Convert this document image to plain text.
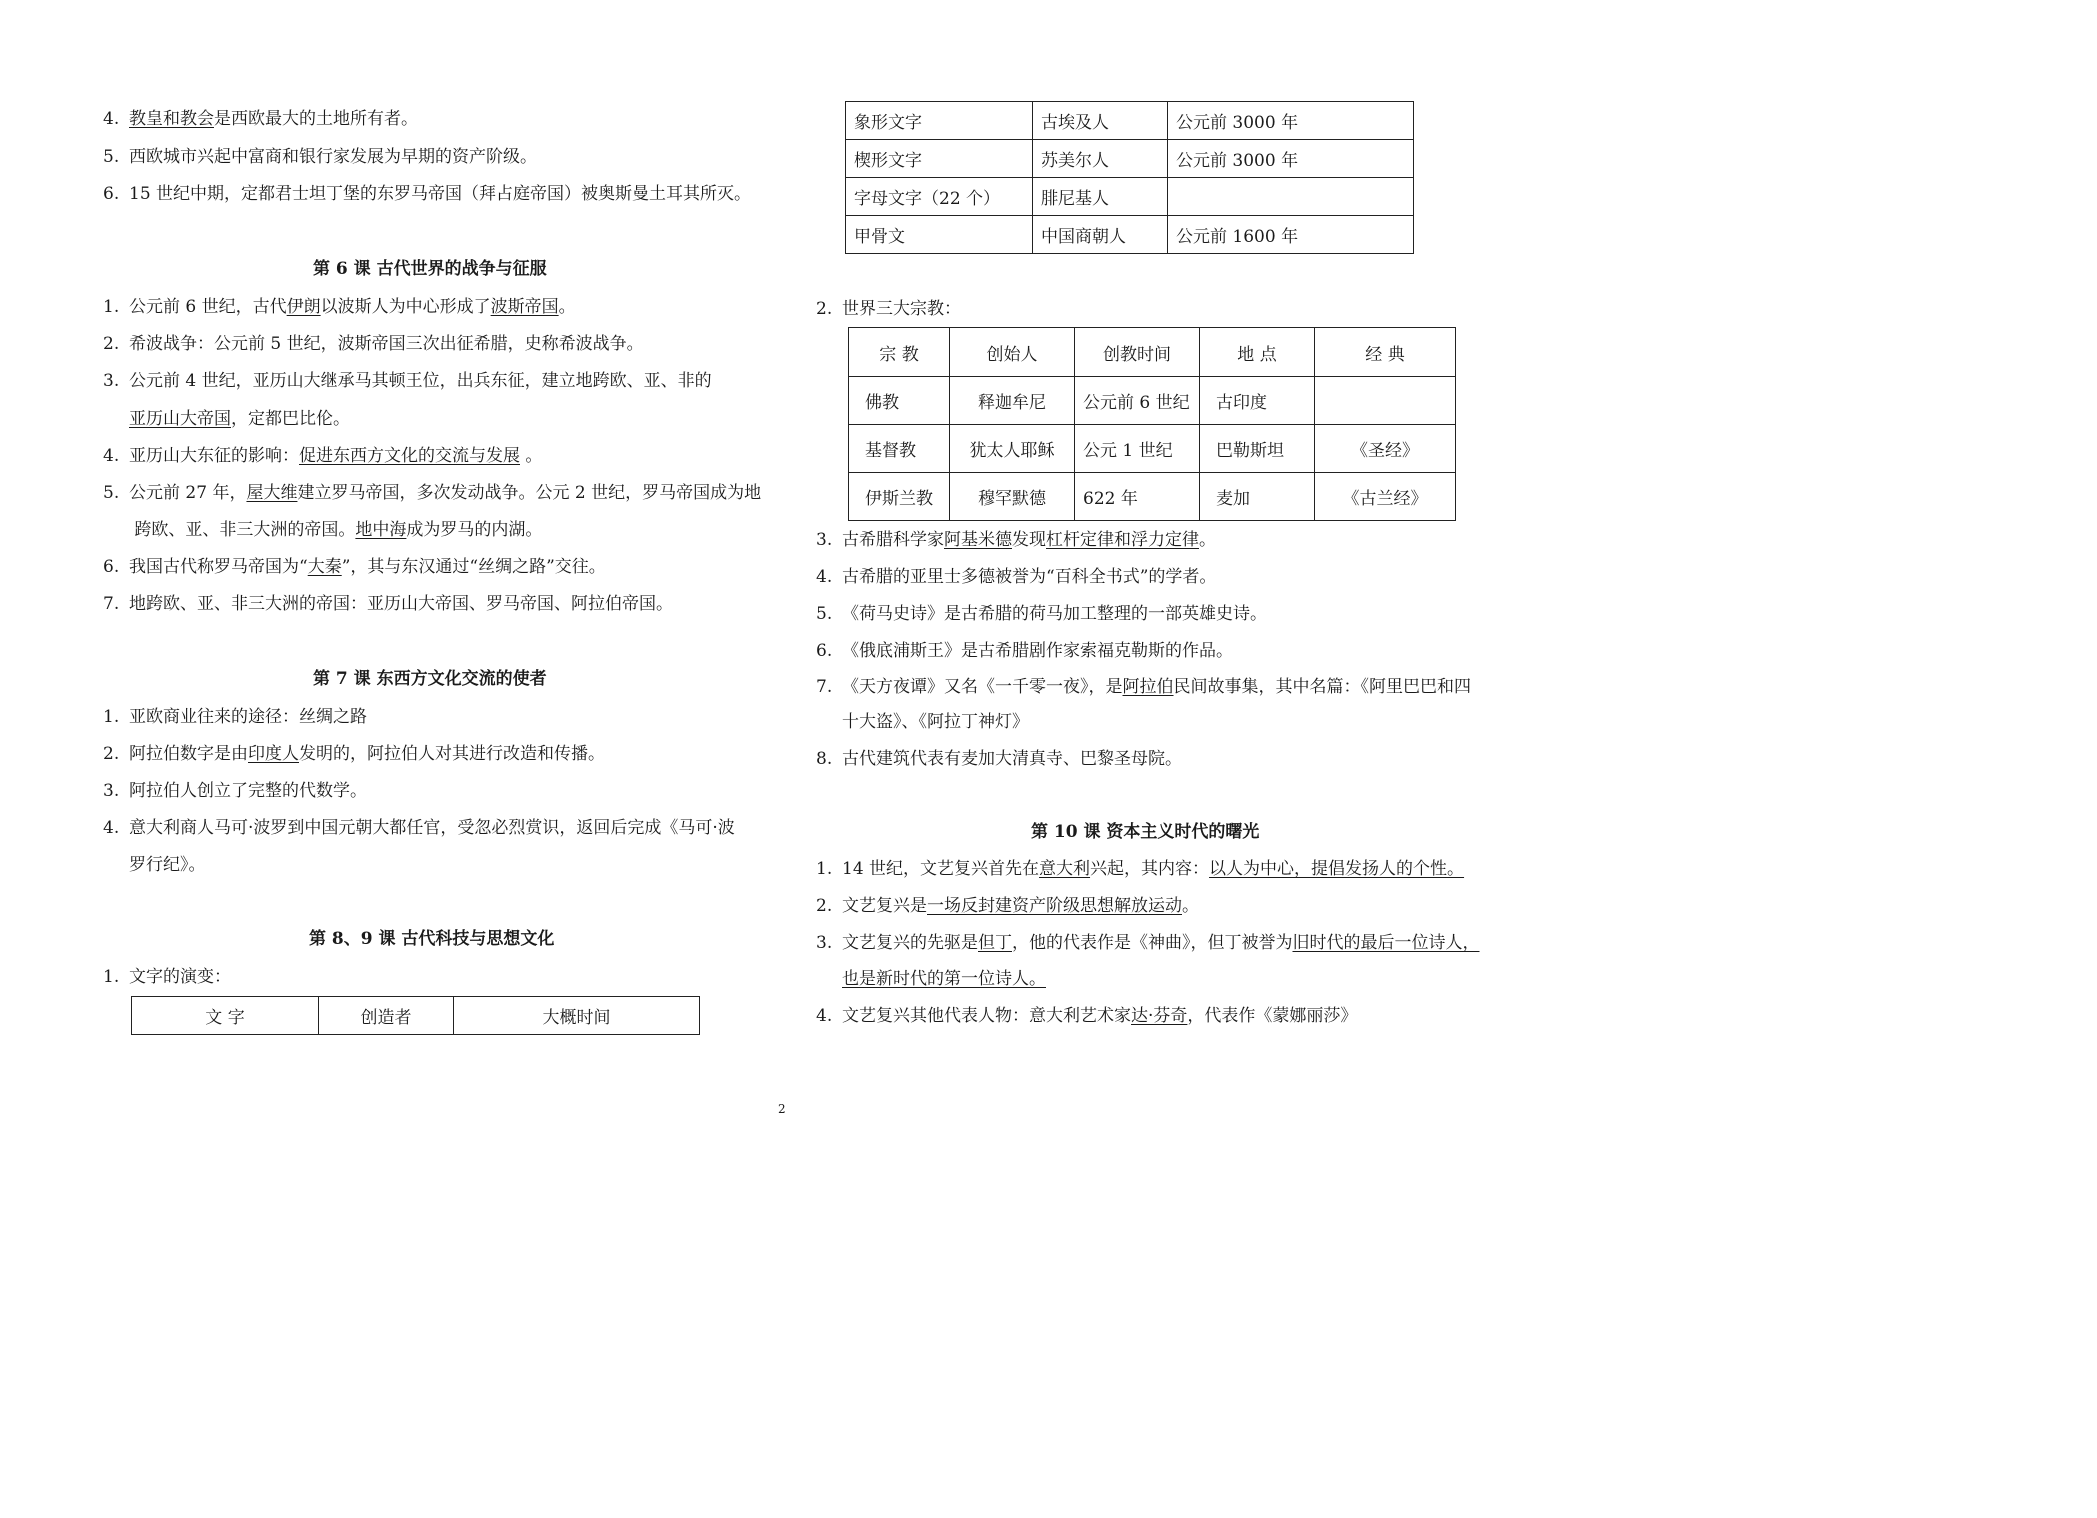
第 6 课 古代世界的战争与征服
第 7 课 东西方文化交流的使者
第 8、9 课 古代科技与思想文化
文 字	创造者	大概时间
象形文字	古埃及人	公元前 3000 年
楔形文字	苏美尔人	公元前 3000 年
字母文字（22 个）	腓尼基人	
甲骨文	中国商朝人	公元前 1600 年
宗 教	创始人	创教时间	地 点	经 典
佛教	释迦牟尼	公元前 6 世纪	古印度	
基督教	犹太人耶稣	公元 1 世纪	巴勒斯坦	《圣经》
伊斯兰教	穆罕默德	622 年	麦加	《古兰经》
第 10 课 资本主义时代的曙光
2
4. 教皇和教会是西欧最大的土地所有者。
5. 西欧城市兴起中富商和银行家发展为早期的资产阶级。
6. 15 世纪中期，定都君士坦丁堡的东罗马帝国（拜占庭帝国）被奥斯曼土耳其所灭。
1. 公元前 6 世纪，古代伊朗以波斯人为中心形成了波斯帝国。
2. 希波战争：公元前 5 世纪，波斯帝国三次出征希腊，史称希波战争。
3. 公元前 4 世纪，亚历山大继承马其顿王位，出兵东征，建立地跨欧、亚、非的
亚历山大帝国，定都巴比伦。
4. 亚历山大东征的影响：促进东西方文化的交流与发展 。
5. 公元前 27 年，屋大维建立罗马帝国，多次发动战争。公元 2 世纪，罗马帝国成为地
跨欧、亚、非三大洲的帝国。地中海成为罗马的内湖。
6. 我国古代称罗马帝国为“大秦”，其与东汉通过“丝绸之路”交往。
7. 地跨欧、亚、非三大洲的帝国：亚历山大帝国、罗马帝国、阿拉伯帝国。
1. 亚欧商业往来的途径：丝绸之路
2. 阿拉伯数字是由印度人发明的，阿拉伯人对其进行改造和传播。
3. 阿拉伯人创立了完整的代数学。
4. 意大利商人马可·波罗到中国元朝大都任官，受忽必烈赏识，返回后完成《马可·波
罗行纪》。
1. 文字的演变：
3. 古希腊科学家阿基米德发现杠杆定律和浮力定律。
4. 古希腊的亚里士多德被誉为“百科全书式”的学者。
5. 《荷马史诗》是古希腊的荷马加工整理的一部英雄史诗。
6. 《俄底浦斯王》是古希腊剧作家索福克勒斯的作品。
7. 《天方夜谭》又名《一千零一夜》，是阿拉伯民间故事集，其中名篇：《阿里巴巴和四
十大盗》、《阿拉丁神灯》
8. 古代建筑代表有麦加大清真寺、巴黎圣母院。
1. 14 世纪，文艺复兴首先在意大利兴起，其内容：以人为中心，提倡发扬人的个性。
2. 文艺复兴是一场反封建资产阶级思想解放运动。
3. 文艺复兴的先驱是但丁，他的代表作是《神曲》，但丁被誉为旧时代的最后一位诗人，
也是新时代的第一位诗人。
4. 文艺复兴其他代表人物：意大利艺术家达·芬奇，代表作《蒙娜丽莎》
2. 世界三大宗教：
